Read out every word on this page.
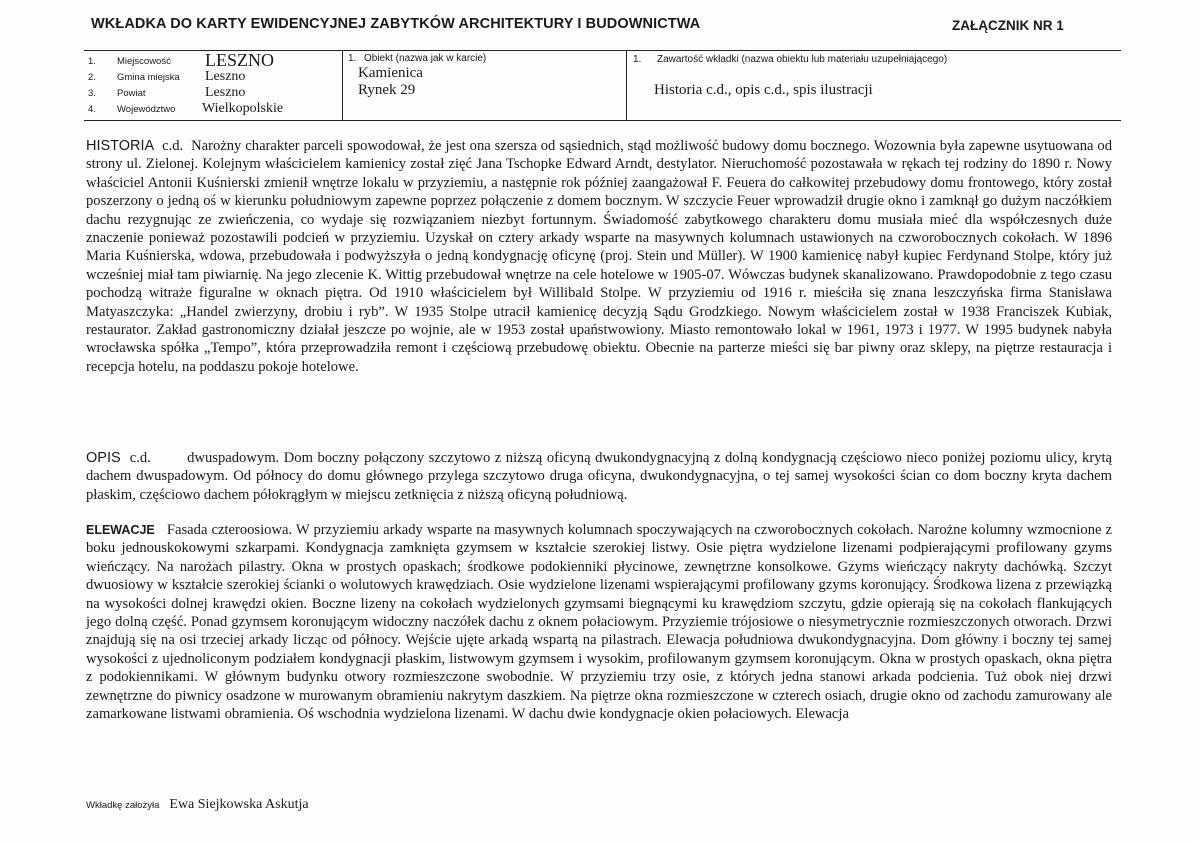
WKŁADKA DO KARTY EWIDENCYJNEJ ZABYTKÓW ARCHITEKTURY I BUDOWNICTWA	ZAŁĄCZNIK NR 1
1. Miejscowość LESZNO
2. Gmina miejska Leszno
3. Powiat	Leszno
4. Województwo Wielkopolskie
1. Obiekt (nazwa jak w karcie)
Kamienica
Rynek 29
1. Zawartość wkładki (nazwa obiektu lub materiału uzupełniającego)
Historia c.d., opis c.d., spis ilustracji
HISTORIA c.d. Narożny charakter parceli spowodował, że jest ona szersza od sąsiednich, stąd możliwość budowy domu bocznego. Wozownia była zapewne usytuowana od strony ul. Zielonej. Kolejnym właścicielem kamienicy został zięć Jana Tschopke Edward Arndt, destylator. Nieruchomość pozostawała w rękach tej rodziny do 1890 r. Nowy właściciel Antonii Kuśnierski zmienił wnętrze lokalu w przyziemiu, a następnie rok później zaangażował F. Feuera do całkowitej przebudowy domu frontowego, który został poszerzony o jedną oś w kierunku południowym zapewne poprzez połączenie z domem bocznym. W szczycie Feuer wprowadził drugie okno i zamknął go dużym naczółkiem dachu rezygnując ze zwieńczenia, co wydaje się rozwiązaniem niezbyt fortunnym. Świadomość zabytkowego charakteru domu musiała mieć dla współczesnych duże znaczenie ponieważ pozostawili podcień w przyziemiu. Uzyskał on cztery arkady wsparte na masywnych kolumnach ustawionych na czworobocznych cokołach. W 1896 Maria Kuśnierska, wdowa, przebudowała i podwyższyła o jedną kondygnację oficynę (proj. Stein und Müller). W 1900 kamienicę nabył kupiec Ferdynand Stolpe, który już wcześniej miał tam piwiarnię. Na jego zlecenie K. Wittig przebudował wnętrze na cele hotelowe w 1905-07. Wówczas budynek skanalizowano. Prawdopodobnie z tego czasu pochodzą witraże figuralne w oknach piętra. Od 1910 właścicielem był Willibald Stolpe. W przyziemiu od 1916 r. mieściła się znana leszczyńska firma Stanisława Matyaszczyka: „Handel zwierzyny, drobiu i ryb”. W 1935 Stolpe utracił kamienicę decyzją Sądu Grodzkiego. Nowym właścicielem został w 1938 Franciszek Kubiak, restaurator. Zakład gastronomiczny działał jeszcze po wojnie, ale w 1953 został upaństwowiony. Miasto remontowało lokal w 1961, 1973 i 1977. W 1995 budynek nabyła wrocławska spółka „Tempo”, która przeprowadziła remont i częściową przebudowę obiektu. Obecnie na parterze mieści się bar piwny oraz sklepy, na piętrze restauracja i recepcja hotelu, na poddaszu pokoje hotelowe.
OPIS c.d. dwuspadowym. Dom boczny połączony szczytowo z niższą oficyną dwukondygnacyjną z dolną kondygnacją częściowo nieco poniżej poziomu ulicy, krytą dachem dwuspadowym. Od północy do domu głównego przylega szczytowo druga oficyna, dwukondygnacyjna, o tej samej wysokości ścian co dom boczny kryta dachem płaskim, częściowo dachem półokrągłym w miejscu zetknięcia z niższą oficyną południową.
ELEWACJE Fasada czteroosiowa. W przyziemiu arkady wsparte na masywnych kolumnach spoczywających na czworobocznych cokołach. Narożne kolumny wzmocnione z boku jednouskokowymi szkarpami. Kondygnacja zamknięta gzymsem w kształcie szerokiej listwy. Osie piętra wydzielone lizenami podpierającymi profilowany gzyms wieńczący. Na narożach pilastry. Okna w prostych opaskach; środkowe podokienniki płycinowe, zewnętrzne konsolkowe. Gzyms wieńczący nakryty dachówką. Szczyt dwuosiowy w kształcie szerokiej ścianki o wolutowych krawędziach. Osie wydzielone lizenami wspierającymi profilowany gzyms koronujący. Środkowa lizena z przewiązką na wysokości dolnej krawędzi okien. Boczne lizeny na cokołach wydzielonych gzymsami biegnącymi ku krawędziom szczytu, gdzie opierają się na cokołach flankujących jego dolną część. Ponad gzymsem koronującym widoczny naczółek dachu z oknem połaciowym. Przyziemie trójosiowe o niesymetrycznie rozmieszczonych otworach. Drzwi znajdują się na osi trzeciej arkady licząc od północy. Wejście ujęte arkadą wspartą na pilastrach. Elewacja południowa dwukondygnacyjna. Dom główny i boczny tej samej wysokości z ujednoliconym podziałem kondygnacji płaskim, listwowym gzymsem i wysokim, profilowanym gzymsem koronującym. Okna w prostych opaskach, okna piętra z podokiennikami. W głównym budynku otwory rozmieszczone swobodnie. W przyziemiu trzy osie, z których jedna stanowi arkada podcienia. Tuż obok niej drzwi zewnętrzne do piwnicy osadzone w murowanym obramieniu nakrytym daszkiem. Na piętrze okna rozmieszczone w czterech osiach, drugie okno od zachodu zamurowany ale zamarkowane listwami obramienia. Oś wschodnia wydzielona lizenami. W dachu dwie kondygnacje okien połaciowych. Elewacja
Wkładkę założyła Ewa Siejkowska Askutja
